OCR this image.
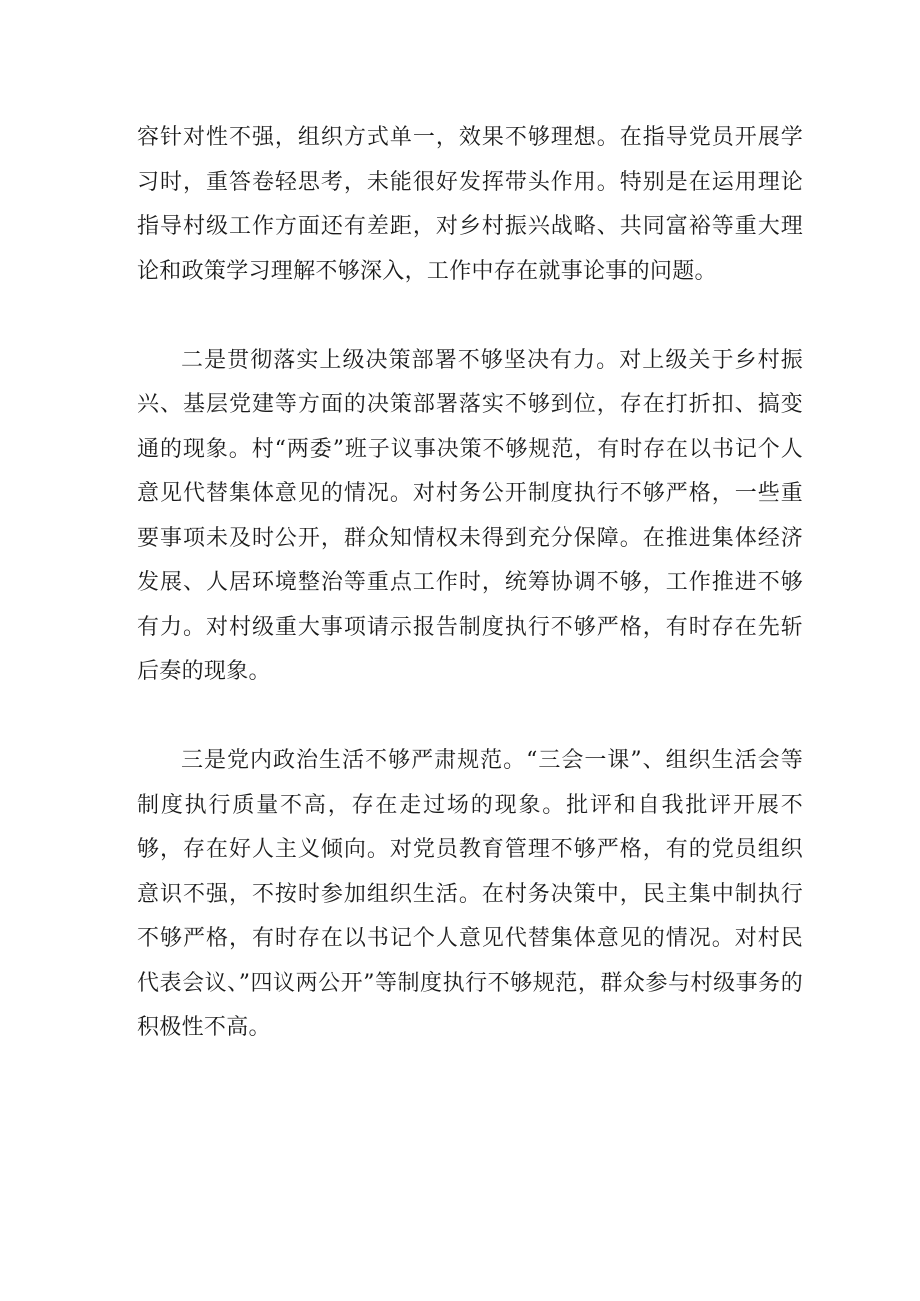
容针对性不强，组织方式单一，效果不够理想。在指导党员开展学习时，重答卷轻思考，未能很好发挥带头作用。特别是在运用理论指导村级工作方面还有差距，对乡村振兴战略、共同富裕等重大理论和政策学习理解不够深入，工作中存在就事论事的问题。

二是贯彻落实上级决策部署不够坚决有力。对上级关于乡村振兴、基层党建等方面的决策部署落实不够到位，存在打折扣、搞变通的现象。村“两委”班子议事决策不够规范，有时存在以书记个人意见代替集体意见的情况。对村务公开制度执行不够严格，一些重要事项未及时公开，群众知情权未得到充分保障。在推进集体经济发展、人居环境整治等重点工作时，统筹协调不够，工作推进不够有力。对村级重大事项请示报告制度执行不够严格，有时存在先斩后奏的现象。

三是党内政治生活不够严肃规范。“三会一课”、组织生活会等制度执行质量不高，存在走过场的现象。批评和自我批评开展不够，存在好人主义倾向。对党员教育管理不够严格，有的党员组织意识不强，不按时参加组织生活。在村务决策中，民主集中制执行不够严格，有时存在以书记个人意见代替集体意见的情况。对村民代表会议、”四议两公开”等制度执行不够规范，群众参与村级事务的积极性不高。
